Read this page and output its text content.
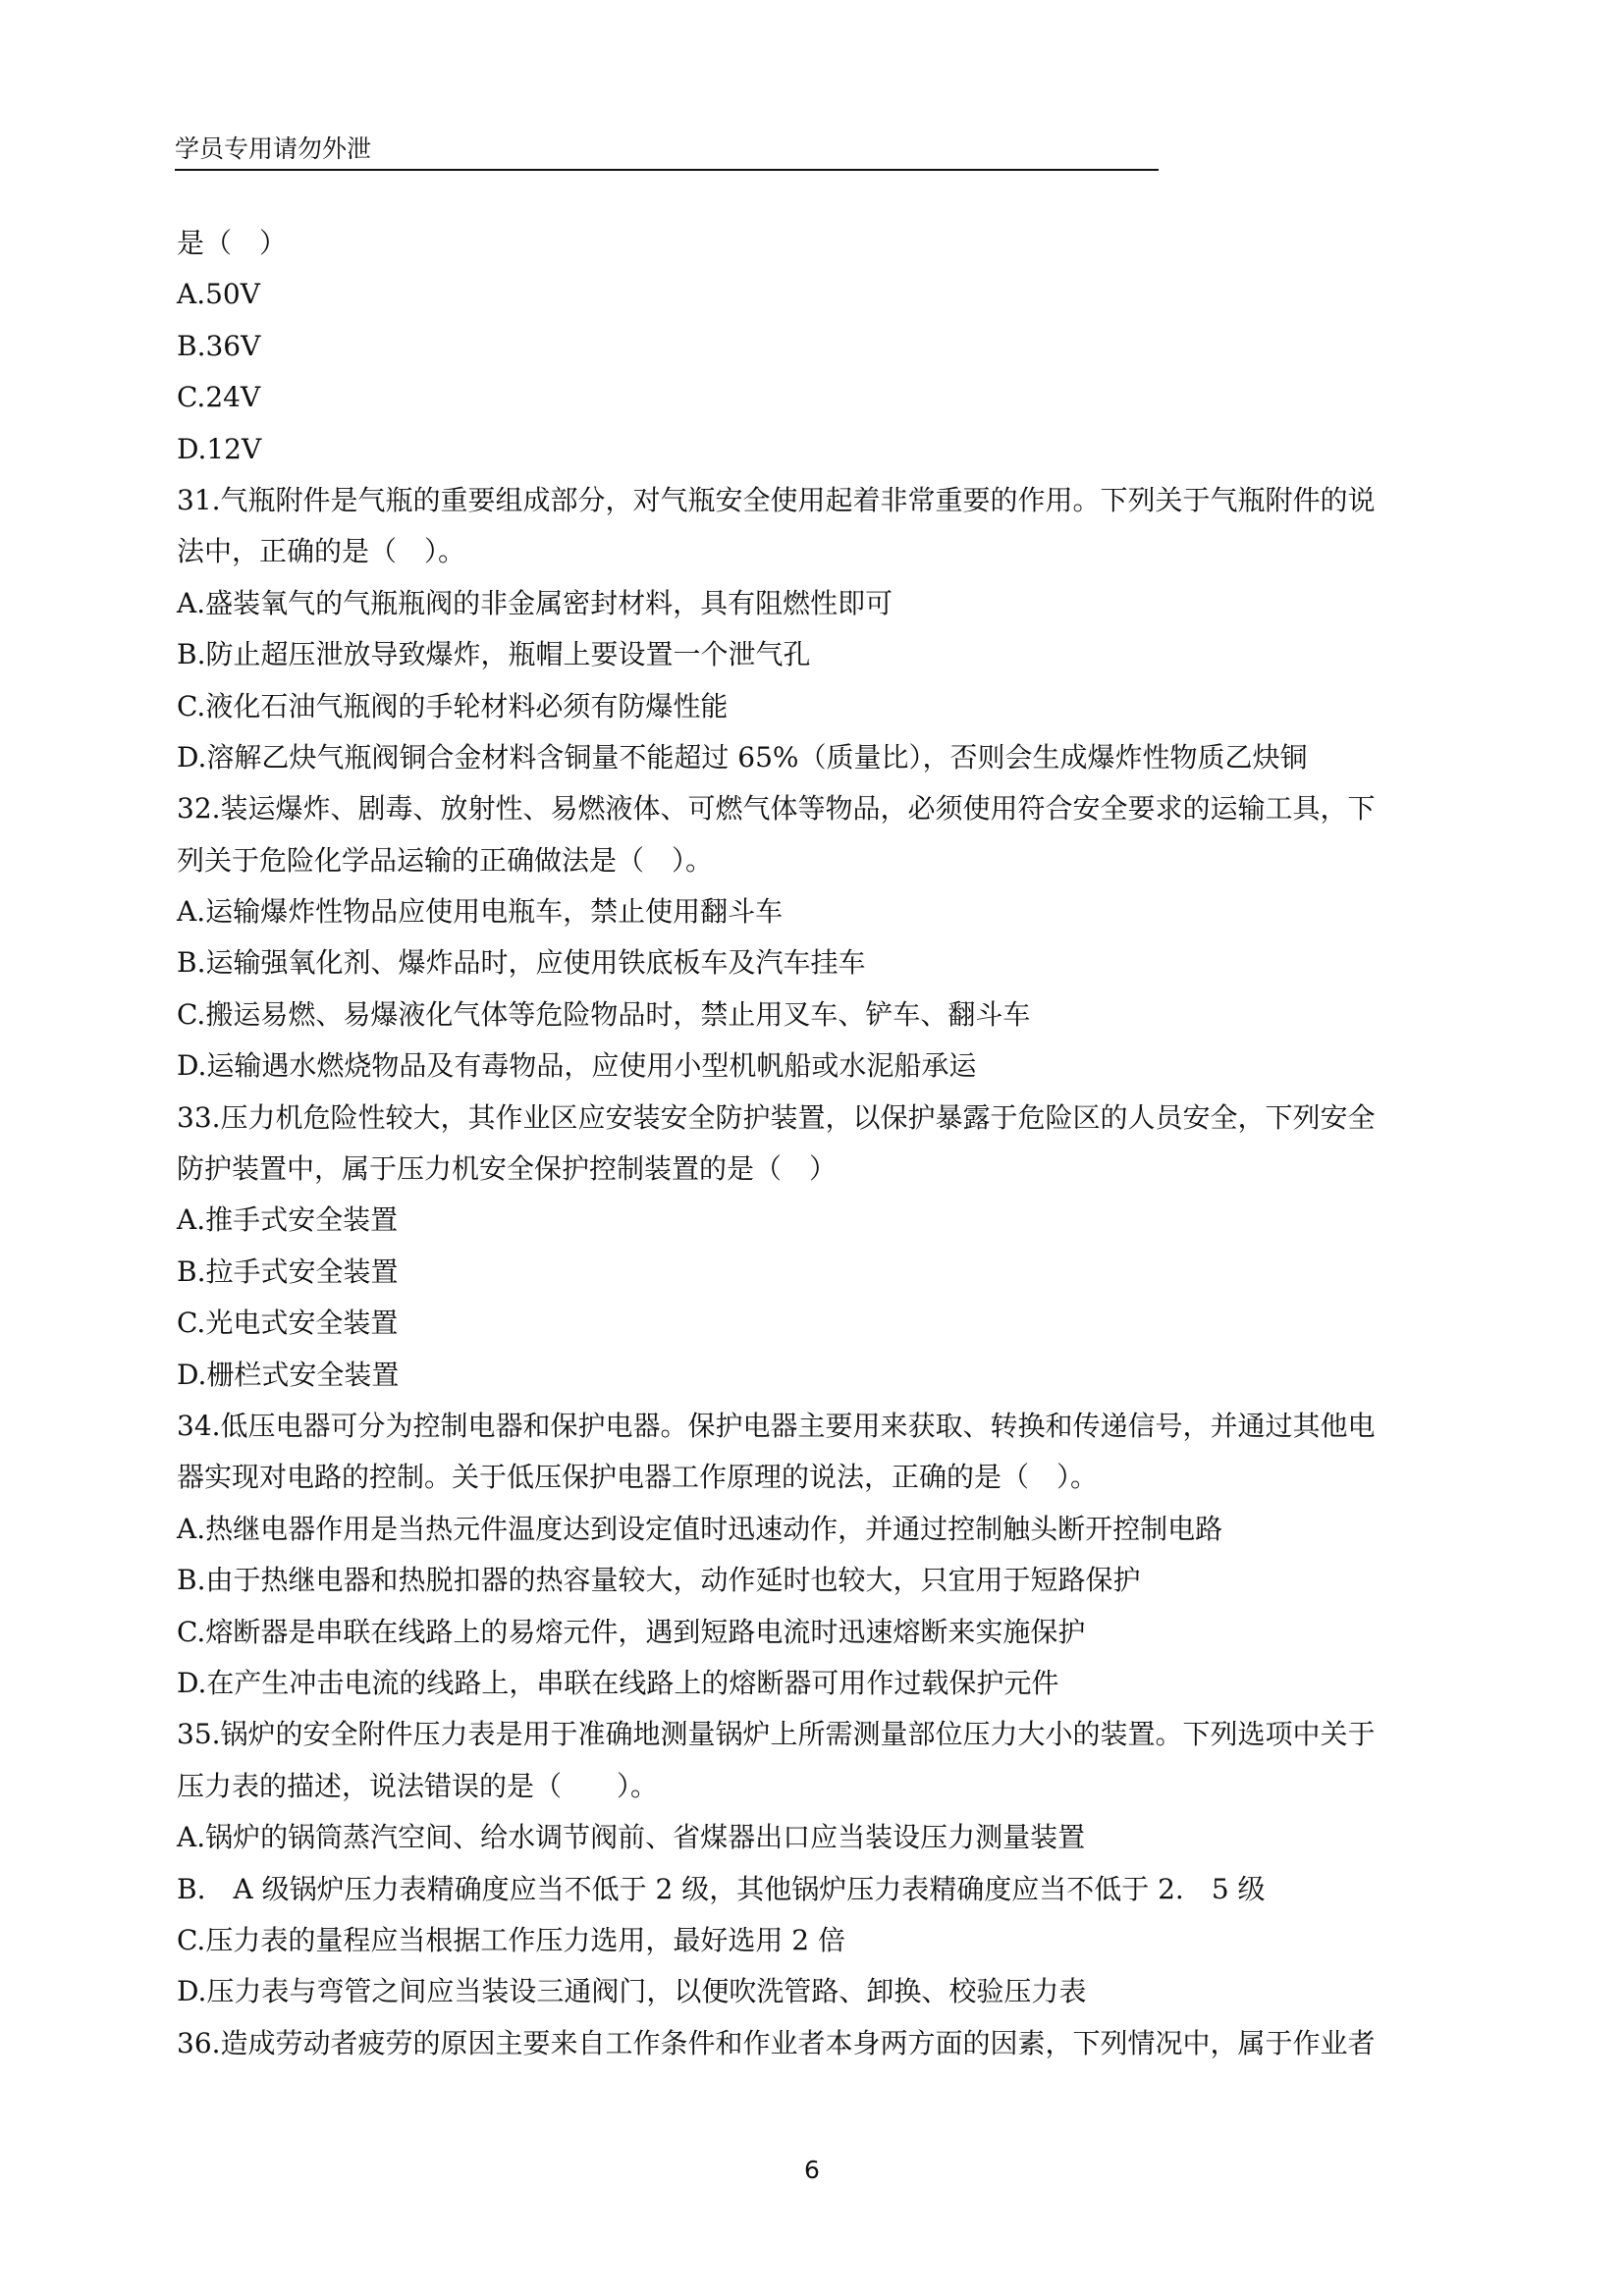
学员专用请勿外泄
是（　）
A.50V
B.36V
C.24V
D.12V
31.气瓶附件是气瓶的重要组成部分，对气瓶安全使用起着非常重要的作用。下列关于气瓶附件的说
法中，正确的是（　）。
A.盛装氧气的气瓶瓶阀的非金属密封材料，具有阻燃性即可
B.防止超压泄放导致爆炸，瓶帽上要设置一个泄气孔
C.液化石油气瓶阀的手轮材料必须有防爆性能
D.溶解乙炔气瓶阀铜合金材料含铜量不能超过 65%（质量比），否则会生成爆炸性物质乙炔铜
32.装运爆炸、剧毒、放射性、易燃液体、可燃气体等物品，必须使用符合安全要求的运输工具，下
列关于危险化学品运输的正确做法是（　）。
A.运输爆炸性物品应使用电瓶车，禁止使用翻斗车
B.运输强氧化剂、爆炸品时，应使用铁底板车及汽车挂车
C.搬运易燃、易爆液化气体等危险物品时，禁止用叉车、铲车、翻斗车
D.运输遇水燃烧物品及有毒物品，应使用小型机帆船或水泥船承运
33.压力机危险性较大，其作业区应安装安全防护装置，以保护暴露于危险区的人员安全，下列安全
防护装置中，属于压力机安全保护控制装置的是（　）
A.推手式安全装置
B.拉手式安全装置
C.光电式安全装置
D.栅栏式安全装置
34.低压电器可分为控制电器和保护电器。保护电器主要用来获取、转换和传递信号，并通过其他电
器实现对电路的控制。关于低压保护电器工作原理的说法，正确的是（　）。
A.热继电器作用是当热元件温度达到设定值时迅速动作，并通过控制触头断开控制电路
B.由于热继电器和热脱扣器的热容量较大，动作延时也较大，只宜用于短路保护
C.熔断器是串联在线路上的易熔元件，遇到短路电流时迅速熔断来实施保护
D.在产生冲击电流的线路上，串联在线路上的熔断器可用作过载保护元件
35.锅炉的安全附件压力表是用于准确地测量锅炉上所需测量部位压力大小的装置。下列选项中关于
压力表的描述，说法错误的是（　　）。
A.锅炉的锅筒蒸汽空间、给水调节阀前、省煤器出口应当装设压力测量装置
B.　A 级锅炉压力表精确度应当不低于 2 级，其他锅炉压力表精确度应当不低于 2.　5 级
C.压力表的量程应当根据工作压力选用，最好选用 2 倍
D.压力表与弯管之间应当装设三通阀门，以便吹洗管路、卸换、校验压力表
36.造成劳动者疲劳的原因主要来自工作条件和作业者本身两方面的因素，下列情况中，属于作业者
6
